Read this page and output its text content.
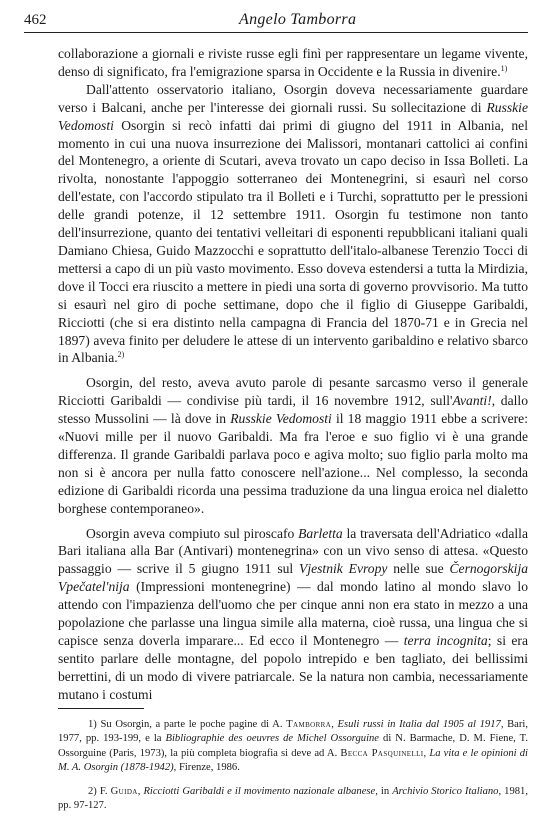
462	Angelo Tamborra

collaborazione a giornali e riviste russe egli finì per rappresentare un legame vivente, denso di significato, fra l'emigrazione sparsa in Occidente e la Russia in divenire.$^{1)}$

Dall'attento osservatorio italiano, Osorgin doveva necessariamente guardare verso i Balcani, anche per l'interesse dei giornali russi. Su sollecitazione di Russkie Vedomosti Osorgin si recò infatti dai primi di giugno del 1911 in Albania, nel momento in cui una nuova insurrezione dei Malissori, montanari cattolici ai confini del Montenegro, a oriente di Scutari, aveva trovato un capo deciso in Issa Bolleti. La rivolta, nonostante l'appoggio sotterraneo dei Montenegrini, si esaurì nel corso dell'estate, con l'accordo stipulato tra il Bolleti e i Turchi, soprattutto per le pressioni delle grandi potenze, il 12 settembre 1911. Osorgin fu testimone non tanto dell'insurrezione, quanto dei tentativi velleitari di esponenti repubblicani italiani quali Damiano Chiesa, Guido Mazzocchi e soprattutto dell'italo-albanese Terenzio Tocci di mettersi a capo di un più vasto movimento. Esso doveva estendersi a tutta la Mirdizia, dove il Tocci era riuscito a mettere in piedi una sorta di governo provvisorio. Ma tutto si esaurì nel giro di poche settimane, dopo che il figlio di Giuseppe Garibaldi, Ricciotti (che si era distinto nella campagna di Francia del 1870-71 e in Grecia nel 1897) aveva finito per deludere le attese di un intervento garibaldino e relativo sbarco in Albania.$^{2)}$

Osorgin, del resto, aveva avuto parole di pesante sarcasmo verso il generale Ricciotti Garibaldi — condivise più tardi, il 16 novembre 1912, sull'Avanti!, dallo stesso Mussolini — là dove in Russkie Vedomosti il 18 maggio 1911 ebbe a scrivere: «Nuovi mille per il nuovo Garibaldi. Ma fra l'eroe e suo figlio vi è una grande differenza. Il grande Garibaldi parlava poco e agiva molto; suo figlio parla molto ma non si è ancora per nulla fatto conoscere nell'azione... Nel complesso, la seconda edizione di Garibaldi ricorda una pessima traduzione da una lingua eroica nel dialetto borghese contemporaneo».

Osorgin aveva compiuto sul piroscafo Barletta la traversata dell'Adriatico «dalla Bari italiana alla Bar (Antivari) montenegrina» con un vivo senso di attesa. «Questo passaggio — scrive il 5 giugno 1911 sul Vjestnik Evropy nelle sue Černogorskija Vpečatel'nija (Impressioni montenegrine) — dal mondo latino al mondo slavo lo attendo con l'impazienza dell'uomo che per cinque anni non era stato in mezzo a una popolazione che parlasse una lingua simile alla materna, cioè russa, una lingua che si capisce senza doverla imparare... Ed ecco il Montenegro — terra incognita; si era sentito parlare delle montagne, del popolo intrepido e ben tagliato, dei bellissimi berrettini, di un modo di vivere patriarcale. Se la natura non cambia, necessariamente mutano i costumi

1) Su Osorgin, a parte le poche pagine di A. Tamborra, Esuli russi in Italia dal 1905 al 1917, Bari, 1977, pp. 193-199, e la Bibliographie des oeuvres de Michel Ossorguine di N. Barmache, D. M. Fiene, T. Ossorguine (Paris, 1973), la più completa biografia si deve ad A. Becca Pasquinelli, La vita e le opinioni di M. A. Osorgin (1878-1942), Firenze, 1986.

2) F. Guida, Ricciotti Garibaldi e il movimento nazionale albanese, in Archivio Storico Italiano, 1981, pp. 97-127.
